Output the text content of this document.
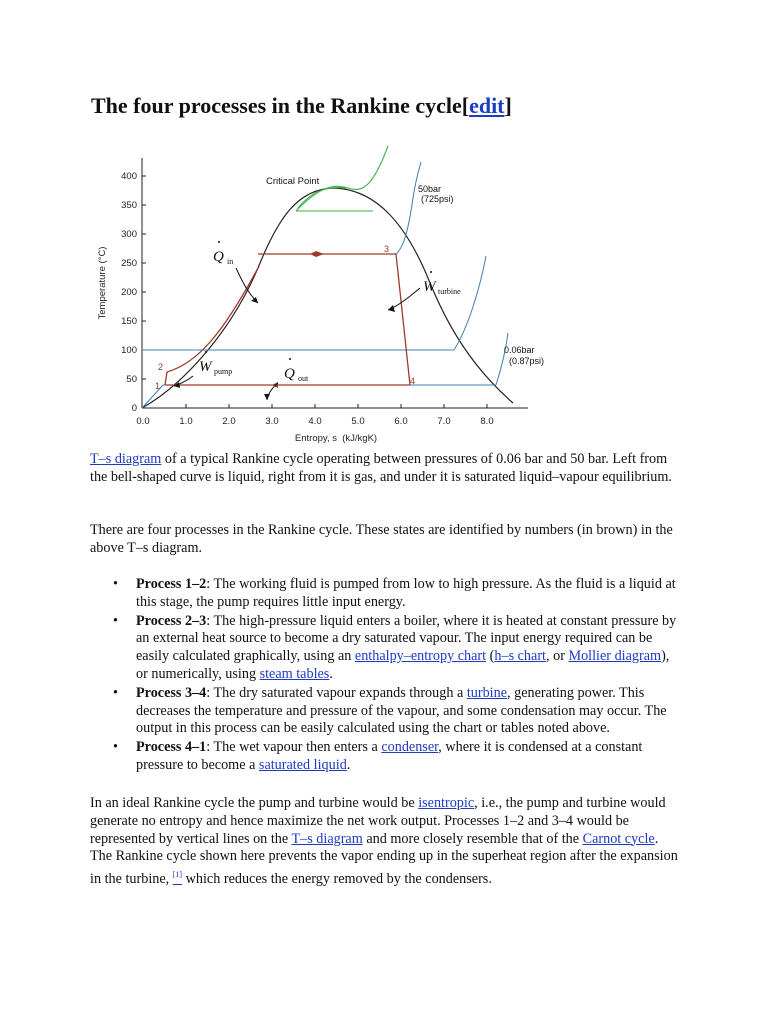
The four processes in the Rankine cycle[edit]
0
50
100
150
200
250
300
350
400
0.0	1.0	2.0	3.0	4.0	5.0	6.0	7.0	8.0
Entropy, s  (kJ/kgK)
Temperature (°C)
1
2
3
4
Critical Point
50bar
(725psi)
0.06bar
(0.87psi)
Q in
W turbine
W pump	Q out

T–s diagram of a typical Rankine cycle operating between pressures of 0.06 bar and 50 bar. Left from the bell-shaped curve is liquid, right from it is gas, and under it is saturated liquid–vapour equilibrium.

There are four processes in the Rankine cycle. These states are identified by numbers (in brown) in the above T–s diagram.

• Process 1–2: The working fluid is pumped from low to high pressure. As the fluid is a liquid at this stage, the pump requires little input energy.
• Process 2–3: The high-pressure liquid enters a boiler, where it is heated at constant pressure by an external heat source to become a dry saturated vapour. The input energy required can be easily calculated graphically, using an enthalpy–entropy chart (h–s chart, or Mollier diagram), or numerically, using steam tables.
• Process 3–4: The dry saturated vapour expands through a turbine, generating power. This decreases the temperature and pressure of the vapour, and some condensation may occur. The output in this process can be easily calculated using the chart or tables noted above.
• Process 4–1: The wet vapour then enters a condenser, where it is condensed at a constant pressure to become a saturated liquid.

In an ideal Rankine cycle the pump and turbine would be isentropic, i.e., the pump and turbine would generate no entropy and hence maximize the net work output. Processes 1–2 and 3–4 would be represented by vertical lines on the T–s diagram and more closely resemble that of the Carnot cycle. The Rankine cycle shown here prevents the vapor ending up in the superheat region after the expansion in the turbine, [1] which reduces the energy removed by the condensers.
